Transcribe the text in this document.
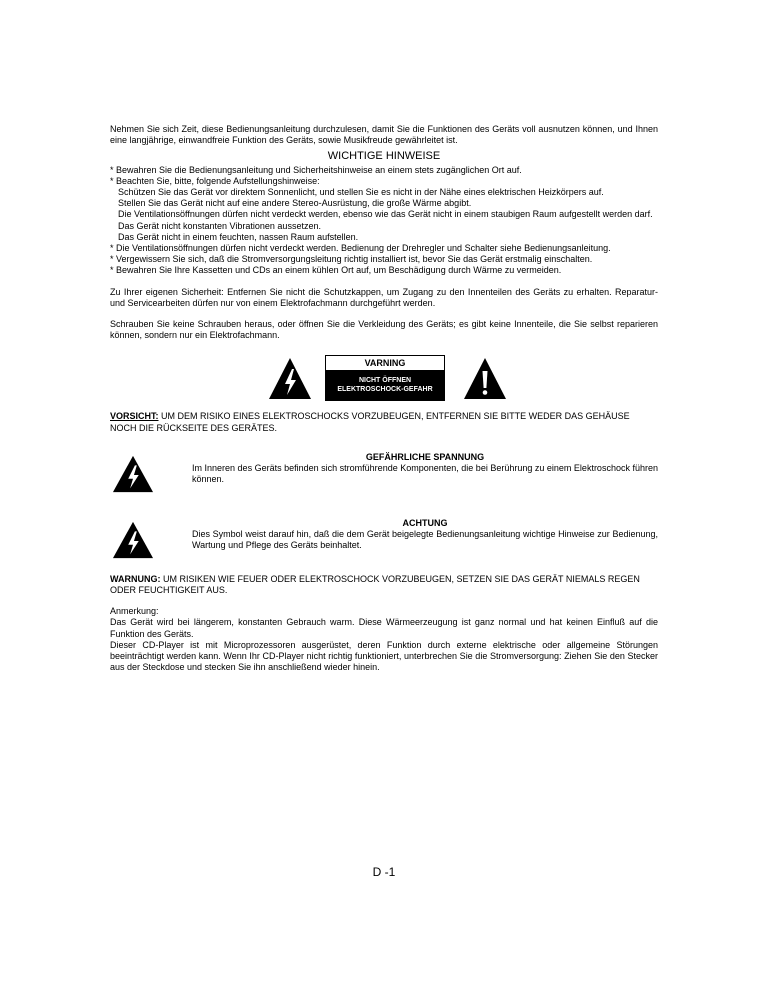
Nehmen Sie sich Zeit, diese Bedienungsanleitung durchzulesen, damit Sie die Funktionen des Geräts voll ausnutzen können, und Ihnen eine langjährige, einwandfreie Funktion des Geräts, sowie Musikfreude gewährleitet ist.

WICHTIGE HINWEISE

* Bewahren Sie die Bedienungsanleitung und Sicherheitshinweise an einem stets zugänglichen Ort auf.

* Beachten Sie, bitte, folgende Aufstellungshinweise:

Schützen Sie das Gerät vor direktem Sonnenlicht, und stellen Sie es nicht in der Nähe eines elektrischen Heizkörpers auf.

Stellen Sie das Gerät nicht auf eine andere Stereo-Ausrüstung, die große Wärme abgibt.

Die Ventilationsöffnungen dürfen nicht verdeckt werden, ebenso wie das Gerät nicht in einem staubigen Raum aufgestellt werden darf.

Das Gerät nicht konstanten Vibrationen aussetzen.

Das Gerät nicht in einem feuchten, nassen Raum aufstellen.

* Die Ventilationsöffnungen dürfen nicht verdeckt werden. Bedienung der Drehregler und Schalter siehe Bedienungsanleitung.

* Vergewissern Sie sich, daß die Stromversorgungsleitung richtig installiert ist, bevor Sie das Gerät erstmalig einschalten.

* Bewahren Sie Ihre Kassetten und CDs an einem kühlen Ort auf, um Beschädigung durch Wärme zu vermeiden.

Zu Ihrer eigenen Sicherheit: Entfernen Sie nicht die Schutzkappen, um Zugang zu den Innenteilen des Geräts zu erhalten. Reparatur- und Servicearbeiten dürfen nur von einem Elektrofachmann durchgeführt werden.

Schrauben Sie keine Schrauben heraus, oder öffnen Sie die Verkleidung des Geräts; es gibt keine Innenteile, die Sie selbst reparieren können, sondern nur ein Elektrofachmann.

VARNING
NICHT ÖFFNEN
ELEKTROSCHOCK-GEFAHR

VORSICHT: UM DEM RISIKO EINES ELEKTROSCHOCKS VORZUBEUGEN, ENTFERNEN SIE BITTE WEDER DAS GEHÄUSE NOCH DIE RÜCKSEITE DES GERÄTES.

GEFÄHRLICHE SPANNUNG

Im Inneren des Geräts befinden sich stromführende Komponenten, die bei Berührung zu einem Elektroschock führen können.

ACHTUNG

Dies Symbol weist darauf hin, daß die dem Gerät beigelegte Bedienungsanleitung wichtige Hinweise zur Bedienung, Wartung und Pflege des Geräts beinhaltet.

WARNUNG: UM RISIKEN WIE FEUER ODER ELEKTROSCHOCK VORZUBEUGEN, SETZEN SIE DAS GERÄT NIEMALS REGEN ODER FEUCHTIGKEIT AUS.

Anmerkung:

Das Gerät wird bei längerem, konstanten Gebrauch warm. Diese Wärmeerzeugung ist ganz normal und hat keinen Einfluß auf die Funktion des Geräts.

Dieser CD-Player ist mit Microprozessoren ausgerüstet, deren Funktion durch externe elektrische oder allgemeine Störungen beeinträchtigt werden kann. Wenn Ihr CD-Player nicht richtig funktioniert, unterbrechen Sie die Stromversorgung: Ziehen Sie den Stecker aus der Steckdose und stecken Sie ihn anschließend wieder hinein.

D -1
